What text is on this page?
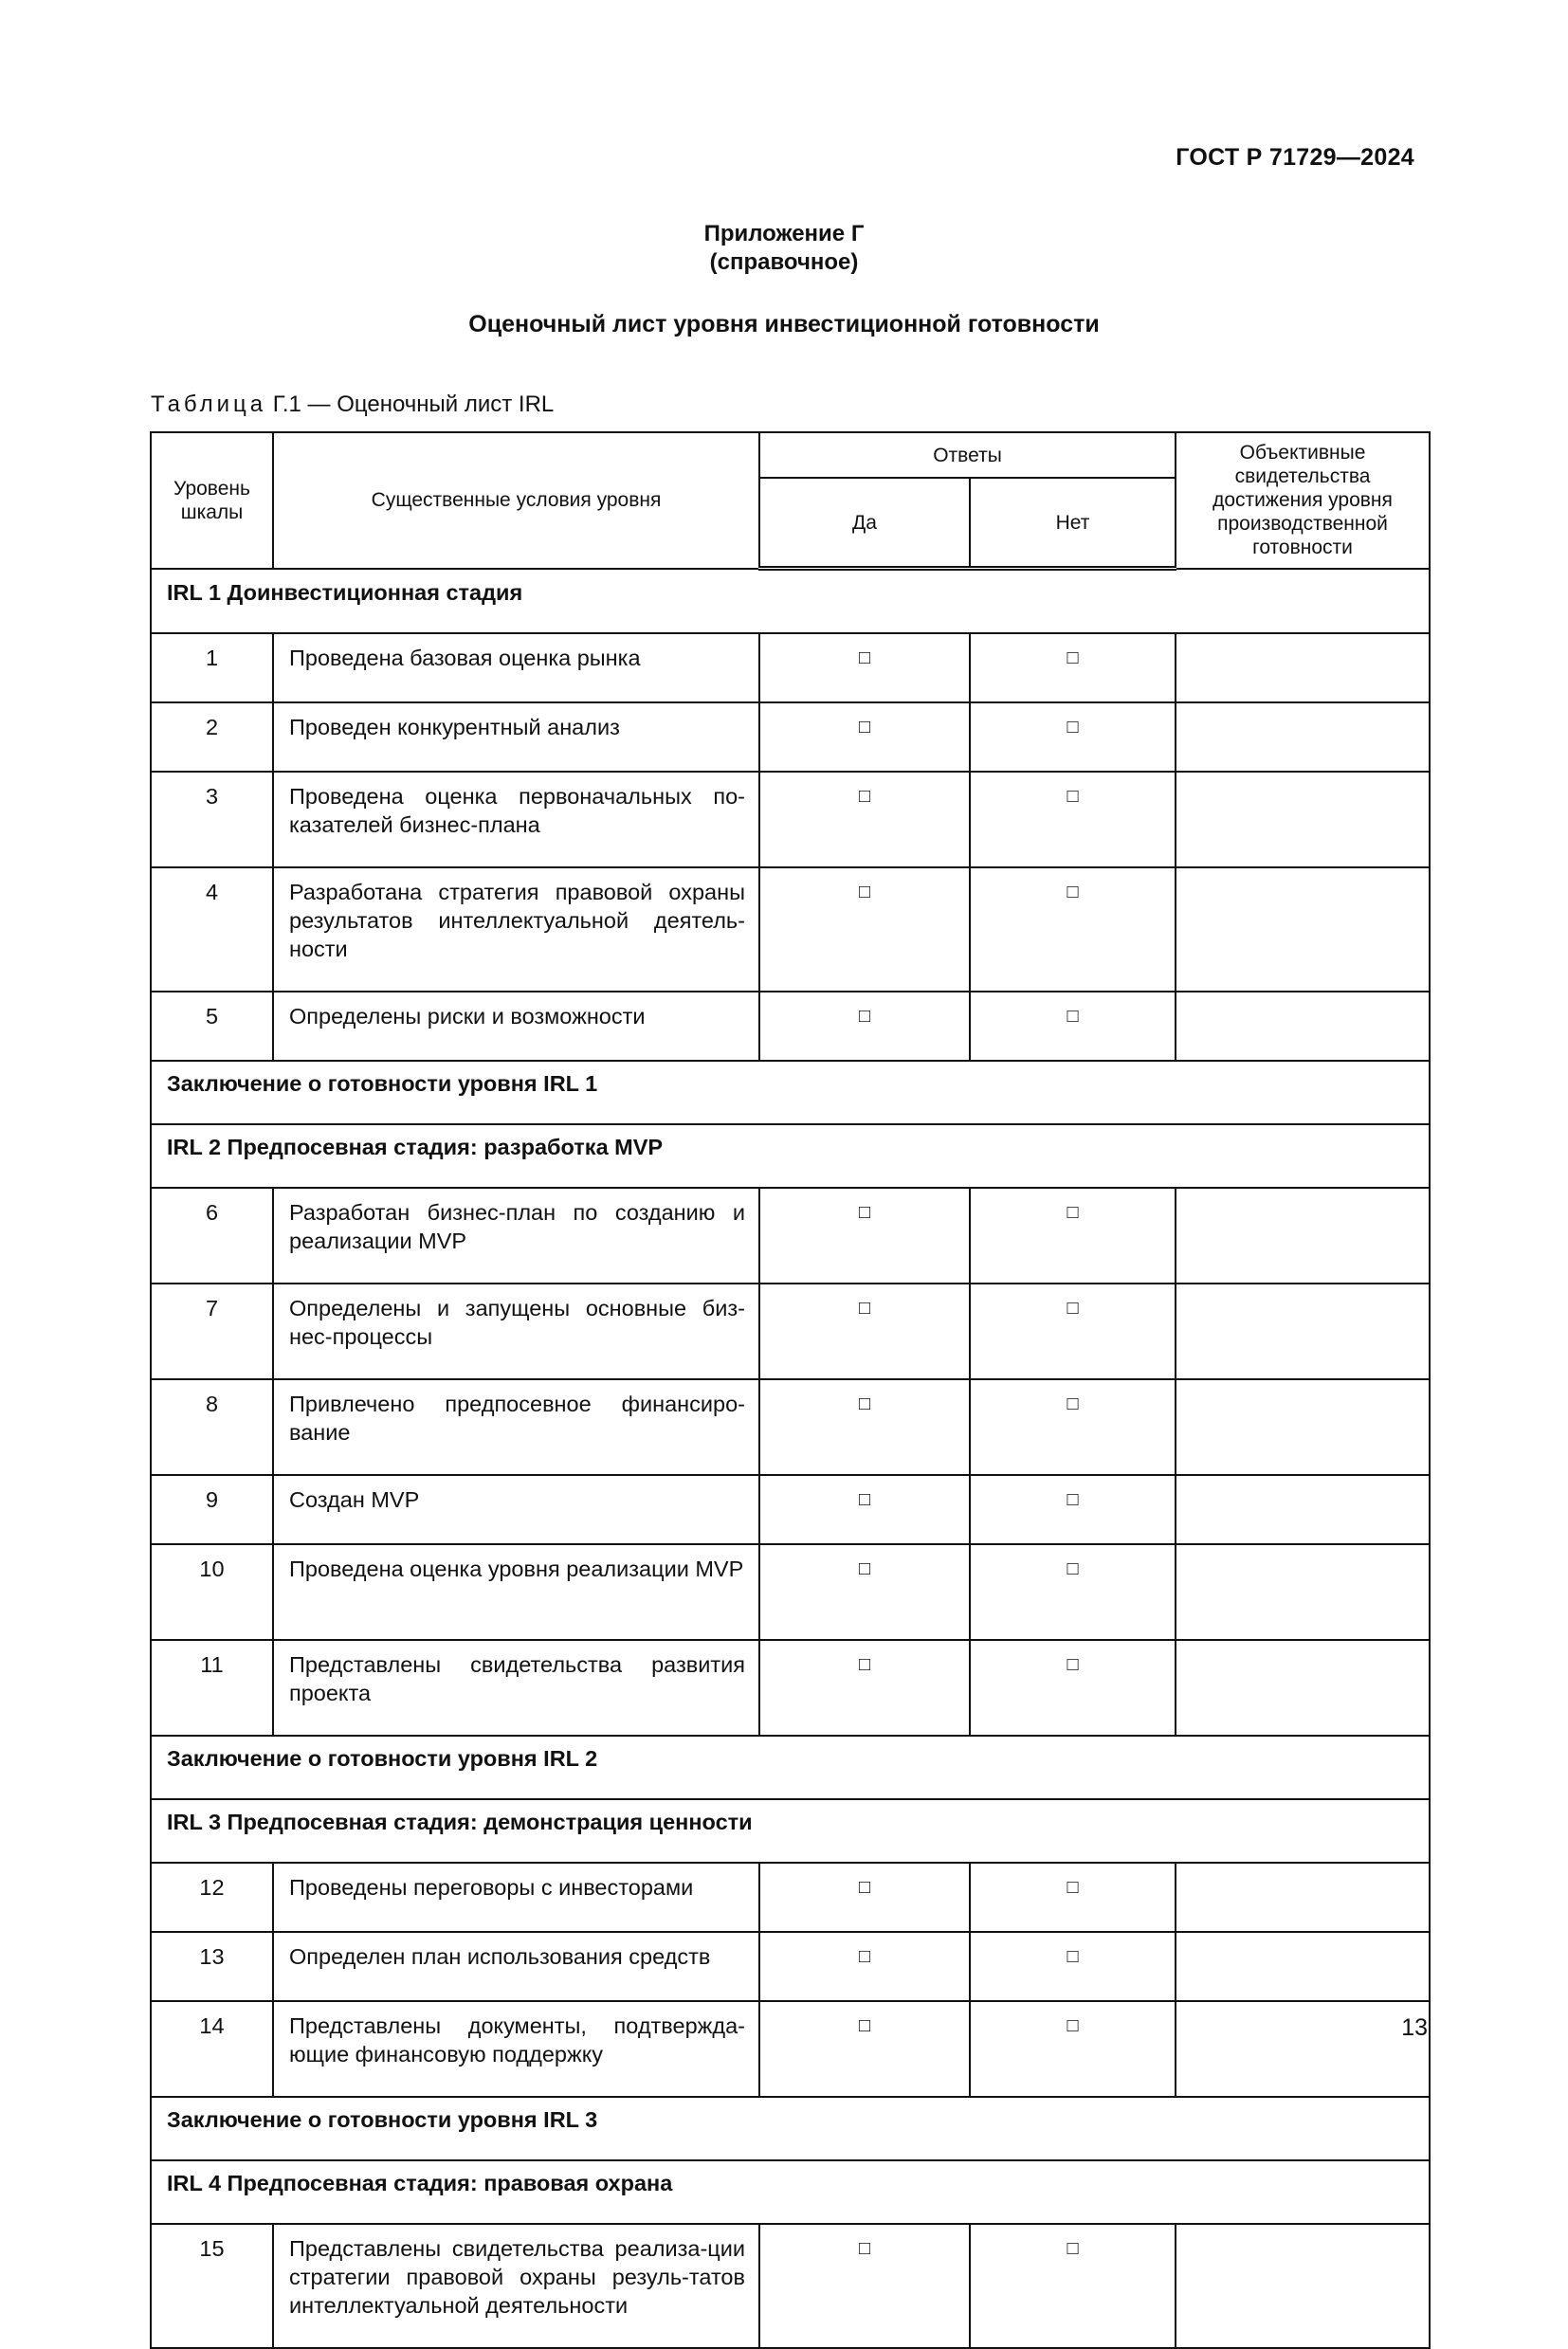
ГОСТ Р 71729—2024
Приложение Г
(справочное)
Оценочный лист уровня инвестиционной готовности
Таблица Г.1 — Оценочный лист IRL
Уровень шкалы	Существенные условия уровня	Ответы		Объективные свидетельства достижения уровня производственной готовности
		Да	Нет	
IRL 1 Доинвестиционная стадия				
1	Проведена базовая оценка рынка	□	□	
2	Проведен конкурентный анализ	□	□	
3	Проведена оценка первоначальных по-казателей бизнес-плана	□	□	
4	Разработана стратегия правовой охраны результатов интеллектуальной деятель-ности	□	□	
5	Определены риски и возможности	□	□	
Заключение о готовности уровня IRL 1				
IRL 2 Предпосевная стадия: разработка MVP				
6	Разработан бизнес-план по созданию и реализации MVP	□	□	
7	Определены и запущены основные биз-нес-процессы	□	□	
8	Привлечено предпосевное финансиро-вание	□	□	
9	Создан MVP	□	□	
10	Проведена оценка уровня реализации MVP	□	□	
11	Представлены свидетельства развития проекта	□	□	
Заключение о готовности уровня IRL 2				
IRL 3 Предпосевная стадия: демонстрация ценности				
12	Проведены переговоры с инвесторами	□	□	
13	Определен план использования средств	□	□	
14	Представлены документы, подтвержда-ющие финансовую поддержку	□	□	
Заключение о готовности уровня IRL 3				
IRL 4 Предпосевная стадия: правовая охрана				
15	Представлены свидетельства реализа-ции стратегии правовой охраны резуль-татов интеллектуальной деятельности	□	□	
13
